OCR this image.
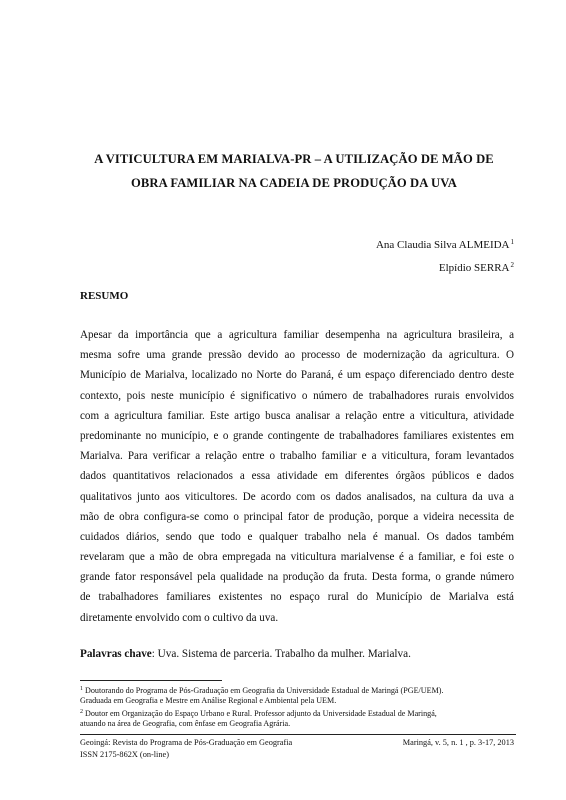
A VITICULTURA EM MARIALVA-PR – A UTILIZAÇÃO DE MÃO DE
OBRA FAMILIAR NA CADEIA DE PRODUÇÃO DA UVA
Ana Claudia Silva ALMEIDA$^1$
Elpídio SERRA$^2$
RESUMO
Apesar da importância que a agricultura familiar desempenha na agricultura brasileira, a
mesma sofre uma grande pressão devido ao processo de modernização da agricultura. O
Município de Marialva, localizado no Norte do Paraná, é um espaço diferenciado dentro deste
contexto, pois neste município é significativo o número de trabalhadores rurais envolvidos
com a agricultura familiar. Este artigo busca analisar a relação entre a viticultura, atividade
predominante no município, e o grande contingente de trabalhadores familiares existentes em
Marialva. Para verificar a relação entre o trabalho familiar e a viticultura, foram levantados
dados quantitativos relacionados a essa atividade em diferentes órgãos públicos e dados
qualitativos junto aos viticultores. De acordo com os dados analisados, na cultura da uva a
mão de obra configura-se como o principal fator de produção, porque a videira necessita de
cuidados diários, sendo que todo e qualquer trabalho nela é manual. Os dados também
revelaram que a mão de obra empregada na viticultura marialvense é a familiar, e foi este o
grande fator responsável pela qualidade na produção da fruta. Desta forma, o grande número
de trabalhadores familiares existentes no espaço rural do Município de Marialva está
diretamente envolvido com o cultivo da uva.
Palavras chave: Uva. Sistema de parceria. Trabalho da mulher. Marialva.
$^1$ Doutorando do Programa de Pós-Graduação em Geografia da Universidade Estadual de Maringá (PGE/UEM).
Graduada em Geografia e Mestre em Análise Regional e Ambiental pela UEM.
$^2$ Doutor em Organização do Espaço Urbano e Rural. Professor adjunto da Universidade Estadual de Maringá,
atuando na área de Geografia, com ênfase em Geografia Agrária.
Geoingá: Revista do Programa de Pós-Graduação em Geografia
ISSN 2175-862X (on-line)
Maringá, v. 5, n. 1 , p. 3-17, 2013
